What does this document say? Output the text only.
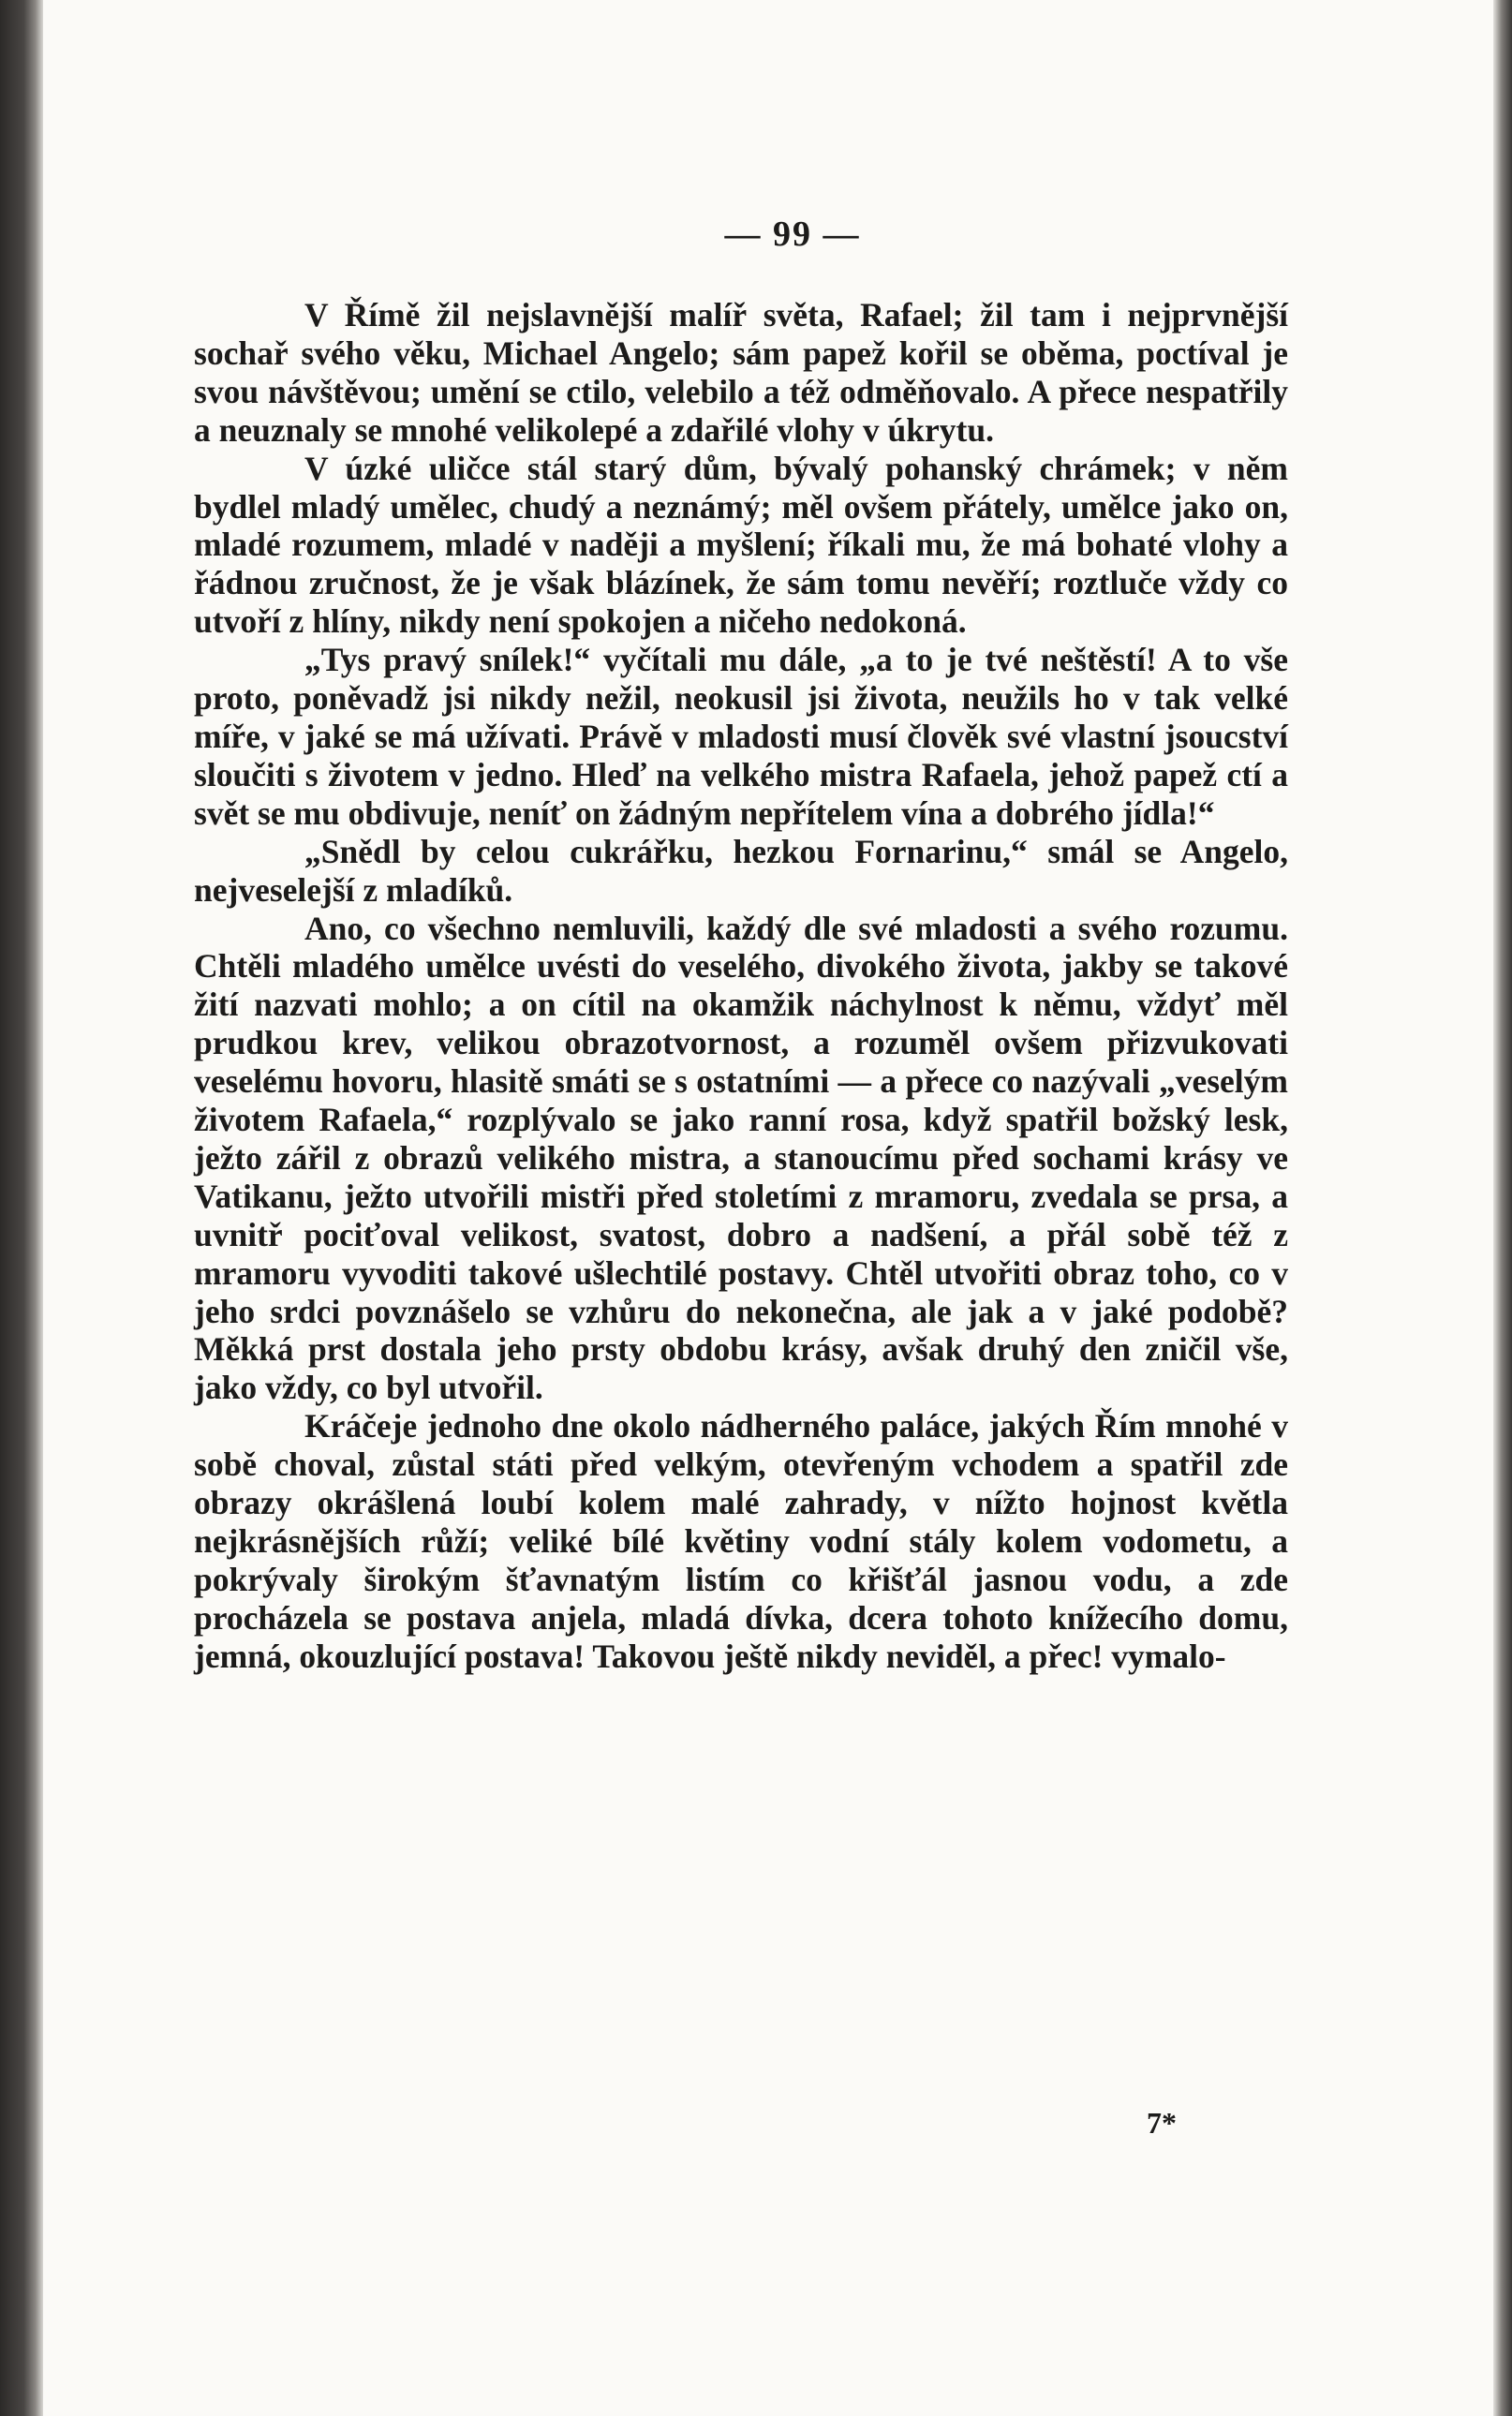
— 99 —

V Římě žil nejslavnější malíř světa, Rafael; žil tam i nejprvnější sochař svého věku, Michael Angelo; sám papež kořil se oběma, poctíval je svou návštěvou; umění se ctilo, velebilo a též odměňovalo. A přece nespatřily a neuznaly se mnohé velikolepé a zdařilé vlohy v úkrytu.

V úzké uličce stál starý dům, bývalý pohanský chrámek; v něm bydlel mladý umělec, chudý a neznámý; měl ovšem přátely, umělce jako on, mladé rozumem, mladé v naději a myšlení; říkali mu, že má bohaté vlohy a řádnou zručnost, že je však blázínek, že sám tomu nevěří; roztluče vždy co utvoří z hlíny, nikdy není spokojen a ničeho nedokoná.

„Tys pravý snílek!“ vyčítali mu dále, „a to je tvé neštěstí! A to vše proto, poněvadž jsi nikdy nežil, neokusil jsi života, neužils ho v tak velké míře, v jaké se má užívati. Právě v mladosti musí člověk své vlastní jsoucství sloučiti s životem v jedno. Hleď na velkého mistra Rafaela, jehož papež ctí a svět se mu obdivuje, neníť on žádným nepřítelem vína a dobrého jídla!“

„Snědl by celou cukrářku, hezkou Fornarinu,“ smál se Angelo, nejveselejší z mladíků.

Ano, co všechno nemluvili, každý dle své mladosti a svého rozumu. Chtěli mladého umělce uvésti do veselého, divokého života, jakby se takové žití nazvati mohlo; a on cítil na okamžik náchylnost k němu, vždyť měl prudkou krev, velikou obrazotvornost, a rozuměl ovšem přizvukovati veselému hovoru, hlasitě smáti se s ostatními — a přece co nazývali „veselým životem Rafaela,“ rozplývalo se jako ranní rosa, když spatřil božský lesk, ježto zářil z obrazů velikého mistra, a stanoucímu před sochami krásy ve Vatikanu, ježto utvořili mistři před stoletími z mramoru, zvedala se prsa, a uvnitř pociťoval velikost, svatost, dobro a nadšení, a přál sobě též z mramoru vyvoditi takové ušlechtilé postavy. Chtěl utvořiti obraz toho, co v jeho srdci povznášelo se vzhůru do nekonečna, ale jak a v jaké podobě? Měkká prst dostala jeho prsty obdobu krásy, avšak druhý den zničil vše, jako vždy, co byl utvořil.

Kráčeje jednoho dne okolo nádherného paláce, jakých Řím mnohé v sobě choval, zůstal státi před velkým, otevřeným vchodem a spatřil zde obrazy okrášlená loubí kolem malé zahrady, v nížto hojnost květla nejkrásnějších růží; veliké bílé květiny vodní stály kolem vodometu, a pokrývaly širokým šťavnatým listím co křišťál jasnou vodu, a zde procházela se postava anjela, mladá dívka, dcera tohoto knížecího domu, jemná, okouzlující postava! Takovou ještě nikdy neviděl, a přec! vymalo-

7*
